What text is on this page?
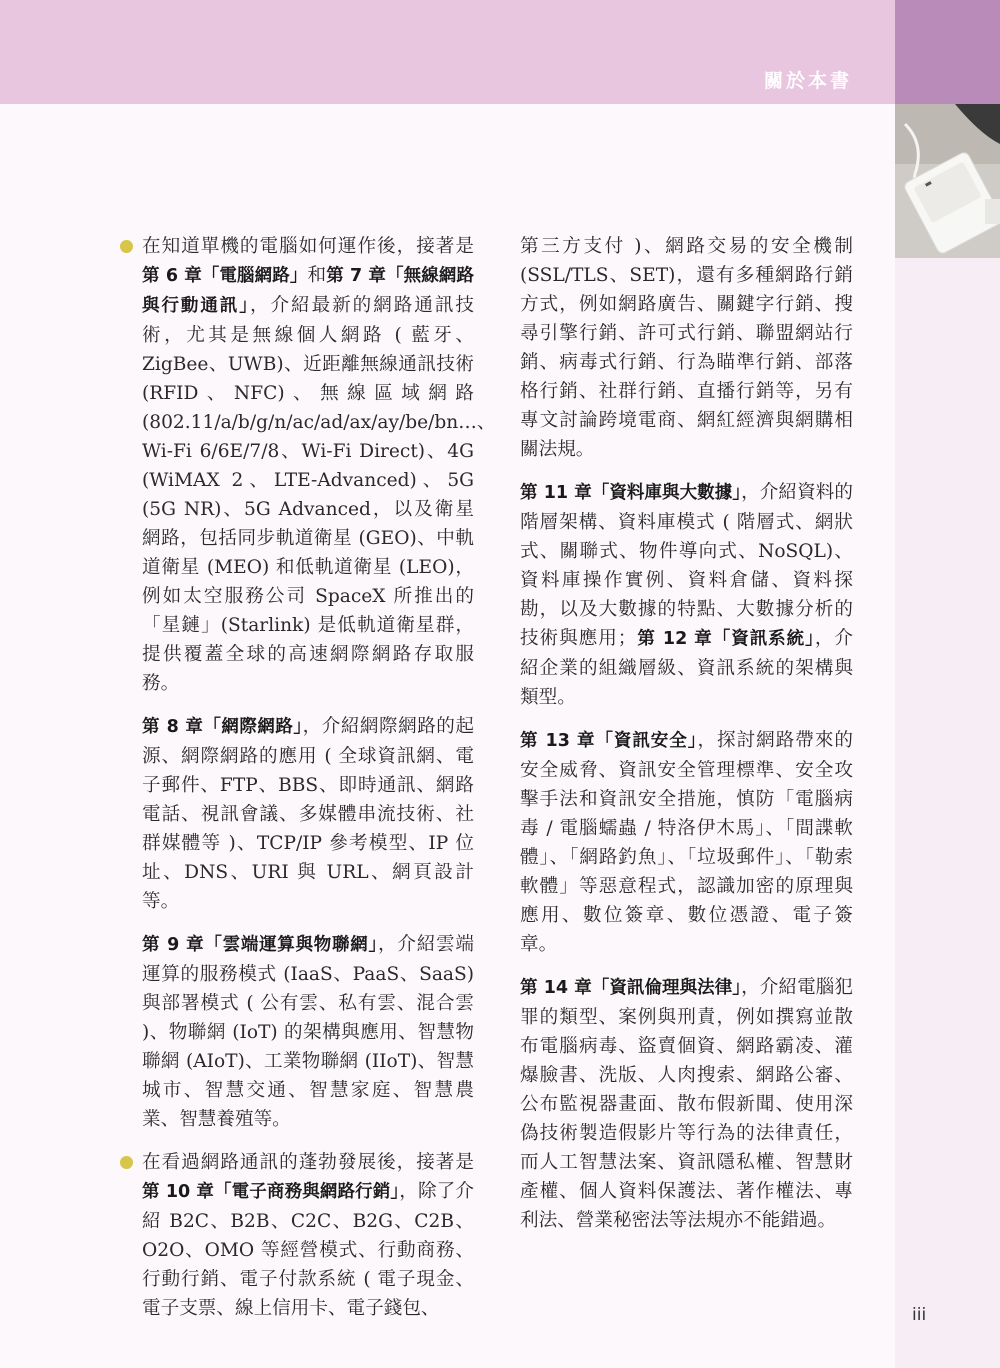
關於本書

在知道單機的電腦如何運作後，接著是第 6 章「電腦網路」和第 7 章「無線網路與行動通訊」，介紹最新的網路通訊技術，尤其是無線個人網路 ( 藍牙、ZigBee、UWB)、近距離無線通訊技術 (RFID、NFC)、無線區域網路 (802.11/a/b/g/n/ac/ad/ax/ay/be/bn…、Wi-Fi 6/6E/7/8、Wi-Fi Direct)、4G (WiMAX 2、LTE-Advanced)、5G (5G NR)、5G Advanced，以及衛星網路，包括同步軌道衛星 (GEO)、中軌道衛星 (MEO) 和低軌道衛星 (LEO)，例如太空服務公司 SpaceX 所推出的「星鏈」(Starlink) 是低軌道衛星群，提供覆蓋全球的高速網際網路存取服務。

第 8 章「網際網路」，介紹網際網路的起源、網際網路的應用 ( 全球資訊網、電子郵件、FTP、BBS、即時通訊、網路電話、視訊會議、多媒體串流技術、社群媒體等 )、TCP/IP 參考模型、IP 位址、DNS、URI 與 URL、網頁設計等。

第 9 章「雲端運算與物聯網」，介紹雲端運算的服務模式 (IaaS、PaaS、SaaS) 與部署模式 ( 公有雲、私有雲、混合雲 )、物聯網 (IoT) 的架構與應用、智慧物聯網 (AIoT)、工業物聯網 (IIoT)、智慧城市、智慧交通、智慧家庭、智慧農業、智慧養殖等。

在看過網路通訊的蓬勃發展後，接著是第 10 章「電子商務與網路行銷」，除了介紹 B2C、B2B、C2C、B2G、C2B、O2O、OMO 等經營模式、行動商務、行動行銷、電子付款系統 ( 電子現金、電子支票、線上信用卡、電子錢包、

第三方支付 )、網路交易的安全機制 (SSL/TLS、SET)，還有多種網路行銷方式，例如網路廣告、關鍵字行銷、搜尋引擎行銷、許可式行銷、聯盟網站行銷、病毒式行銷、行為瞄準行銷、部落格行銷、社群行銷、直播行銷等，另有專文討論跨境電商、網紅經濟與網購相關法規。

第 11 章「資料庫與大數據」，介紹資料的階層架構、資料庫模式 ( 階層式、網狀式、關聯式、物件導向式、NoSQL)、資料庫操作實例、資料倉儲、資料探勘，以及大數據的特點、大數據分析的技術與應用；第 12 章「資訊系統」，介紹企業的組織層級、資訊系統的架構與類型。

第 13 章「資訊安全」，探討網路帶來的安全威脅、資訊安全管理標準、安全攻擊手法和資訊安全措施，慎防「電腦病毒 / 電腦蠕蟲 / 特洛伊木馬」、「間諜軟體」、「網路釣魚」、「垃圾郵件」、「勒索軟體」等惡意程式，認識加密的原理與應用、數位簽章、數位憑證、電子簽章。

第 14 章「資訊倫理與法律」，介紹電腦犯罪的類型、案例與刑責，例如撰寫並散布電腦病毒、盜賣個資、網路霸凌、灌爆臉書、洗版、人肉搜索、網路公審、公布監視器畫面、散布假新聞、使用深偽技術製造假影片等行為的法律責任，而人工智慧法案、資訊隱私權、智慧財產權、個人資料保護法、著作權法、專利法、營業秘密法等法規亦不能錯過。

iii
